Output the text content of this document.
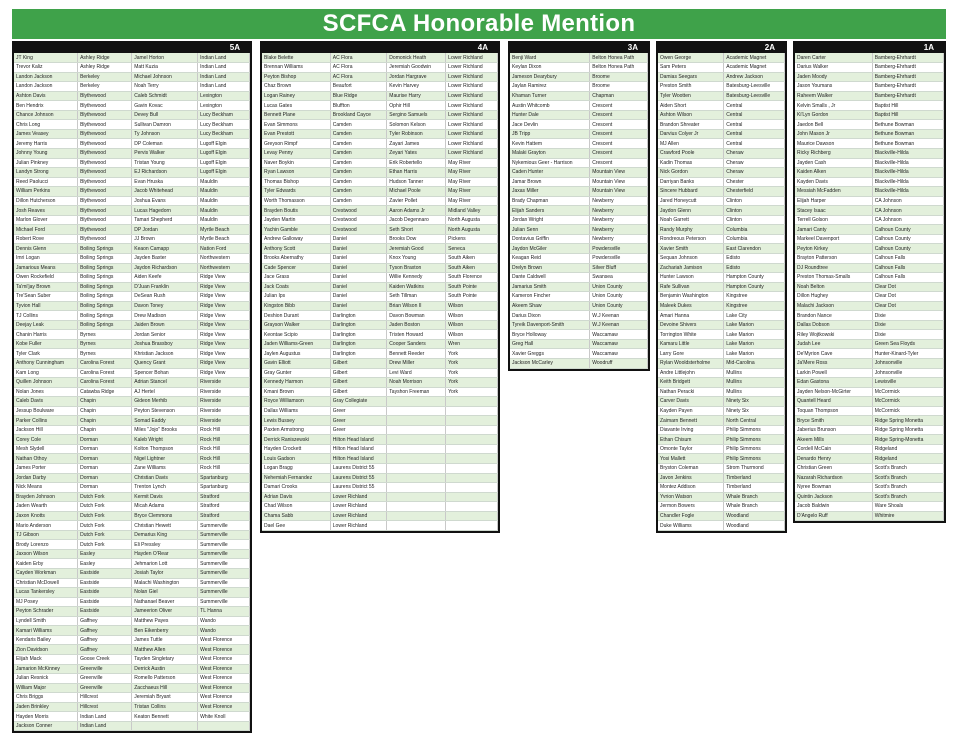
SCFCA Honorable Mention
5A
JT King	Ashley Ridge	Jamel Horton	Indian Land
Trevor Kaliz	Ashley Ridge	Matt Kuzia	Indian Land
Landon Jackson	Berkeley	Michael Johnson	Indian Land
Landon Jackson	Berkeley	Noah Terry	Indian Land
Ashton Davis	Blythewood	Caleb Schmidt	Lexington
Ben Hendrix	Blythewood	Gavin Kovac	Lexington
Chance Johnson	Blythewood	Devey Bull	Lucy Beckham
Chris Long	Blythewood	Sullivan Damron	Lucy Beckham
James Veasey	Blythewood	Ty Johnson	Lucy Beckham
Jeremy Harris	Blythewood	DP Coleman	Lugoff Elgin
Johnny Young	Blythewood	Pervis Walker	Lugoff Elgin
Julian Pinkney	Blythewood	Tristan Young	Lugoff Elgin
Landyn Strong	Blythewood	EJ Richardson	Lugoff Elgin
Reed Paolucci	Blythewood	Evan Hruska	Mauldin
William Perkins	Blythewood	Jacob Whitehead	Mauldin
Dillon Hutcherson	Blythewood	Joshua Evans	Mauldin
Josh Reaves	Blythewood	Lucas Hagedorn	Mauldin
Marlon Glover	Blythewood	Tamari Shepherd	Mauldin
Michael Ford	Blythewood	DP Jordan	Myrtle Beach
Robert Rove	Blythewood	JJ Brown	Myrtle Beach
Dennis Glenn	Boiling Springs	Keaon Camapp	Nation Ford
Imri Logan	Boiling Springs	Jayden Baxter	Northwestern
Jamarious Means	Boiling Springs	Jaydon Richardson	Northwestern
Owen Rockefield	Boiling Springs	Aiden Keefe	Ridge View
Ta'mi'jay Brown	Boiling Springs	D'Juan Franklin	Ridge View
Tre'Sean Suber	Boiling Springs	DeSean Rush	Ridge View
Tyvion Hall	Boiling Springs	Davon Toney	Ridge View
TJ Collins	Boiling Springs	Drew Madison	Ridge View
Deejay Leak	Boiling Springs	Jaiden Brown	Ridge View
Chanin Harris	Byrnes	Jordan Senior	Ridge View
Kobe Fuller	Byrnes	Joshua Brassboy	Ridge View
Tyler Clark	Byrnes	Khristian Jackson	Ridge View
Anthony Cunningham	Carolina Forest	Quency Grant	Ridge View
Kam Long	Carolina Forest	Spencer Bohan	Ridge View
Quillen Johnson	Carolina Forest	Adrian Stancel	Riverside
Nolan Jones	Catawba Ridge	AJ Hertel	Riverside
Caleb Davis	Chapin	Gideon Merhib	Riverside
Jessup Boulware	Chapin	Peyton Stevenson	Riverside
Parker Collins	Chapin	Somad Eaddy	Riverside
Jackson Hill	Chapin	Miles "Jojo" Brooks	Rock Hill
Corey Cole	Dorman	Kaleb Wright	Rock Hill
Mesh Slydell	Dorman	Kolton Thompson	Rock Hill
Nathan Othoy	Dorman	Nigel Lightner	Rock Hill
James Porter	Dorman	Zane Williams	Rock Hill
Jordan Darby	Dorman	Christian Davis	Spartanburg
Nick Means	Dorman	Trenton Lynch	Spartanburg
Brayden Johnson	Dutch Fork	Kermit Davis	Stratford
Jaden Wearth	Dutch Fork	Micah Adams	Stratford
Jaxon Knotts	Dutch Fork	Bryce Clemmons	Stratford
Mario Anderson	Dutch Fork	Christian Hewett	Summerville
TJ Gibson	Dutch Fork	Demarius King	Summerville
Brody Lorenzo	Dutch Fork	Eli Pressley	Summerville
Jaxson Wilson	Easley	Hayden O'Rear	Summerville
Kaiden Erby	Easley	Jehmarion Lott	Summerville
Cayden Workman	Eastside	Josiah Taylor	Summerville
Christian McDowell	Eastside	Malachi Washington	Summerville
Lucas Tankersley	Eastside	Nolan Giel	Summerville
MJ Posey	Eastside	Nathanael Beaver	Summerville
Peyton Schrader	Eastside	Jameerion Oliver	TL Hanna
Lyndell Smith	Gaffney	Matthew Payes	Wando
Kamari Williams	Gaffney	Ben Eikenberry	Wando
Kendaris Bailey	Gaffney	James Tuttle	West Florence
Zion Davidson	Gaffney	Matthew Allen	West Florence
Elijah Mack	Goose Creek	Tayden Singletary	West Florence
Jamarion McKinney	Greenville	Derrick Austin	West Florence
Julian Resnick	Greenville	Romello Patterson	West Florence
William Major	Greenville	Zacchaeus Hill	West Florence
Chris Briggs	Hillcrest	Jeremiah Bryant	West Florence
Jaden Brinkley	Hillcrest	Tristan Collins	West Florence
Hayden Morris	Indian Land	Keaton Bennett	White Knoll
Jackson Conner	Indian Land		
4A
Blake Belette	AC Flora	Domonick Heath	Lower Richland
Brennan Williams	AC Flora	Jeremiah Goodwin	Lower Richland
Peyton Bishop	AC Flora	Jordan Hargrave	Lower Richland
Chaz Brown	Beaufort	Kevin Harvey	Lower Richland
Logan Rainey	Blue Ridge	Maurise Harry	Lower Richland
Lucas Gates	Bluffton	Ophir Hill	Lower Richland
Bennett Plane	Brookland Cayce	Sergino Samuels	Lower Richland
Evan Simmons	Camden	Solomon Kelson	Lower Richland
Evan Prestott	Camden	Tyler Robinson	Lower Richland
Greyson Rimpf	Camden	Zayari James	Lower Richland
Levay Penny	Camden	Zeyari Yates	Lower Richland
Naver Boykin	Camden	Erik Robertello	May River
Ryan Lawson	Camden	Ethan Harris	May River
Thomas Bishop	Camden	Hudson Tanner	May River
Tyler Edwards	Camden	Michael Poole	May River
Worth Thomasson	Camden	Zavier Pollet	May River
Brayden Boutis	Crestwood	Aaron Adams Jr	Midland Valley
Jayden Martin	Crestwood	Jacob Degennaro	North Augusta
Yachin Gamble	Crestwood	Seth Short	North Augusta
Andrew Galloway	Daniel	Brooks Dow	Pickens
Anthony Scott	Daniel	Jeremiah Good	Seneca
Brooks Abernathy	Daniel	Knox Young	South Aiken
Cade Spencer	Daniel	Tyson Braxton	South Aiken
Jace Grass	Daniel	Willie Kennedy	South Florence
Jack Coats	Daniel	Kaiden Watkins	South Pointe
Julian Ips	Daniel	Seth Tillman	South Pointe
Kingston Bibb	Daniel	Brian Wilson II	Wilson
Deshion Durant	Darlington	Davon Bowman	Wilson
Grayson Walker	Darlington	Jaden Boston	Wilson
Keontae Scipio	Darlington	Tristen Howard	Wilson
Jaden Williams-Green	Darlington	Cooper Sanders	Wren
Jaylen Augustus	Darlington	Bennett Reeder	York
Gavin Elliott	Gilbert	Drew Miller	York
Gray Gunter	Gilbert	Levi Ward	York
Kennedy Harmon	Gilbert	Noah Morrison	York
Kmani Brown	Gilbert	Tayshon Freeman	York
Royce Williamson	Gray Collegiate		
Dallas Williams	Greer		
Lewis Bussey	Greer		
Paxten Armstrong	Greer		
Derrick Raniszewski	Hilton Head Island		
Hayden Crockett	Hilton Head Island		
Louis Gadson	Hilton Head Island		
Logan Bragg	Laurens District 55		
Nehemiah Fernandez	Laurens District 55		
Damari Crooks	Laurens District 55		
Adrian Davis	Lower Richland		
Chad Wilson	Lower Richland		
Chama Sabb	Lower Richland		
Dael Gee	Lower Richland		
3A
Benji Ward	Belton Honea Path
Keylan Dixon	Belton Honea Path
Jameson Dearybury	Broome
Jaylan Ramirez	Broome
Khaman Turner	Chapman
Austin Whitcomb	Crescent
Hunter Dale	Crescent
Jace Devlin	Crescent
JB Tripp	Crescent
Kevin Hattem	Crescent
Malaki Grayton	Crescent
Nykemious Geer - Harrison	Crescent
Caden Hunter	Mountain View
Jamar Brown	Mountain View
Jaxas Miller	Mountain View
Brady Chapman	Newberry
Elijah Sanders	Newberry
Jordan Wright	Newberry
Julian Senn	Newberry
Dontavius Griffin	Newberry
Jaydon McGiler	Powdersville
Keagan Reid	Powdersville
Drelyn Brown	Silver Bluff
Dante Caldwell	Swansea
Jamarius Smith	Union County
Kameron Fincher	Union County
Akeem Shaw	Union County
Darius Dixon	W.J Keenan
Tyreik Davenport-Smith	W.J Keenan
Bryce Holloway	Waccamaw
Greg Hall	Waccamaw
Xavier Greggs	Waccamaw
Jackson McCarley	Woodruff
2A
Owen George	Academic Magnet
Sam Peters	Academic Magnet
Damias Seegars	Andrew Jackson
Preston Smith	Batesburg-Leesville
Tyler Wootten	Batesburg-Leesville
Aiden Short	Central
Ashton Wilson	Central
Brandon Shreater	Central
Darvius Colyer Jr	Central
MJ Allen	Central
Crawford Poole	Cheraw
Kadin Thomas	Cheraw
Nick Gordon	Cheraw
Darriyan Banks	Chester
Sincere Hubbard	Chesterfield
Jared Honeycutt	Clinton
Jaydon Glenn	Clinton
Noah Garrett	Clinton
Randy Murphy	Columbia
Rondreous Peterson	Columbia
Xavier Smith	East Clarendon
Sequan Johnson	Edisto
Zachariah Jamison	Edisto
Hunter Lawson	Hampton County
Rafe Sullivan	Hampton County
Benjamin Washington	Kingstree
Maleek Dukes	Kingstree
Amari Hanna	Lake City
Devoine Shivers	Lake Marion
Torrington White	Lake Marion
Kamaru Little	Lake Marion
Larry Gore	Lake Marion
Rylan Wooldsterholme	Mid-Carolina
Andre Littlejohn	Mullins
Keith Bridgett	Mullins
Nathan Peracki	Mullins
Carver Davis	Ninety Six
Kayden Payen	Ninety Six
Zaimarn Bennett	North Central
Diavante Irving	Philip Simmons
Ethan Chisum	Philip Simmons
Omonte Taylor	Philip Simmons
Yosi Mallett	Philip Simmons
Bryston Coleman	Strom Thurmond
Javon Jenkins	Timberland
Montez Addison	Timberland
Yvrion Watson	Whale Branch
Jermon Bowers	Whale Branch
Chandler Fogle	Woodland
Duke Williams	Woodland
1A
Daren Carter	Bamberg-Ehrhardt
Darius Walker	Bamberg-Ehrhardt
Jaden Moody	Bamberg-Ehrhardt
Jason Youmans	Bamberg-Ehrhardt
Raheem Walker	Bamberg-Ehrhardt
Kelvin Smalls , Jr	Baptist Hill
Ki'Lyn Gordon	Baptist Hill
Jaedon Bell	Bethune Bowman
John Mason Jr	Bethune Bowman
Maurice Dawson	Bethune Bowman
Ricky Richberg	Blackville-Hilda
Jayden Cash	Blackville-Hilda
Kaiden Alken	Blackville-Hilda
Kayden Davis	Blackville-Hilda
Messiah McFadden	Blackville-Hilda
Elijah Harper	CA Johnson
Stacey Isaac	CA Johnson
Terrell Golson	CA Johnson
Jamari Canty	Calhoun County
Markeel Davenport	Calhoun County
Peyton Kirkey	Calhoun County
Brayton Patterson	Calhoun Falls
DJ Roundtree	Calhoun Falls
Preston Thomas-Smalls	Calhoun Falls
Noah Belton	Clear Dot
Dillon Hughey	Clear Dot
Malachi Jackson	Clear Dot
Brandon Nance	Dixie
Dallas Dobson	Dixie
Riley Wojtkowski	Dixie
Judah Lee	Green Sea Floyds
De'Myrion Cave	Hunter-Kinard-Tyler
Ja'Mere Ross	Johnsonville
Larkin Powell	Johnsonville
Edan Gastona	Lewisville
Jayden Nelson-McGirter	McCormick
Quantell Heard	McCormick
Toquan Thompson	McCormick
Bryce Smith	Ridge Spring Monetta
Jaberius Brunson	Ridge Spring Monetta
Akeem Mills	Ridge Spring-Monetta
Cordell McCain	Ridgeland
Denardo Henry	Ridgeland
Christian Green	Scott's Branch
Nazarah Richardson	Scott's Branch
Nyree Bowman	Scott's Branch
Quintin Jackson	Scott's Branch
Jacob Baldwin	Ware Shoals
D'Angelo Ruff	Whitmire
